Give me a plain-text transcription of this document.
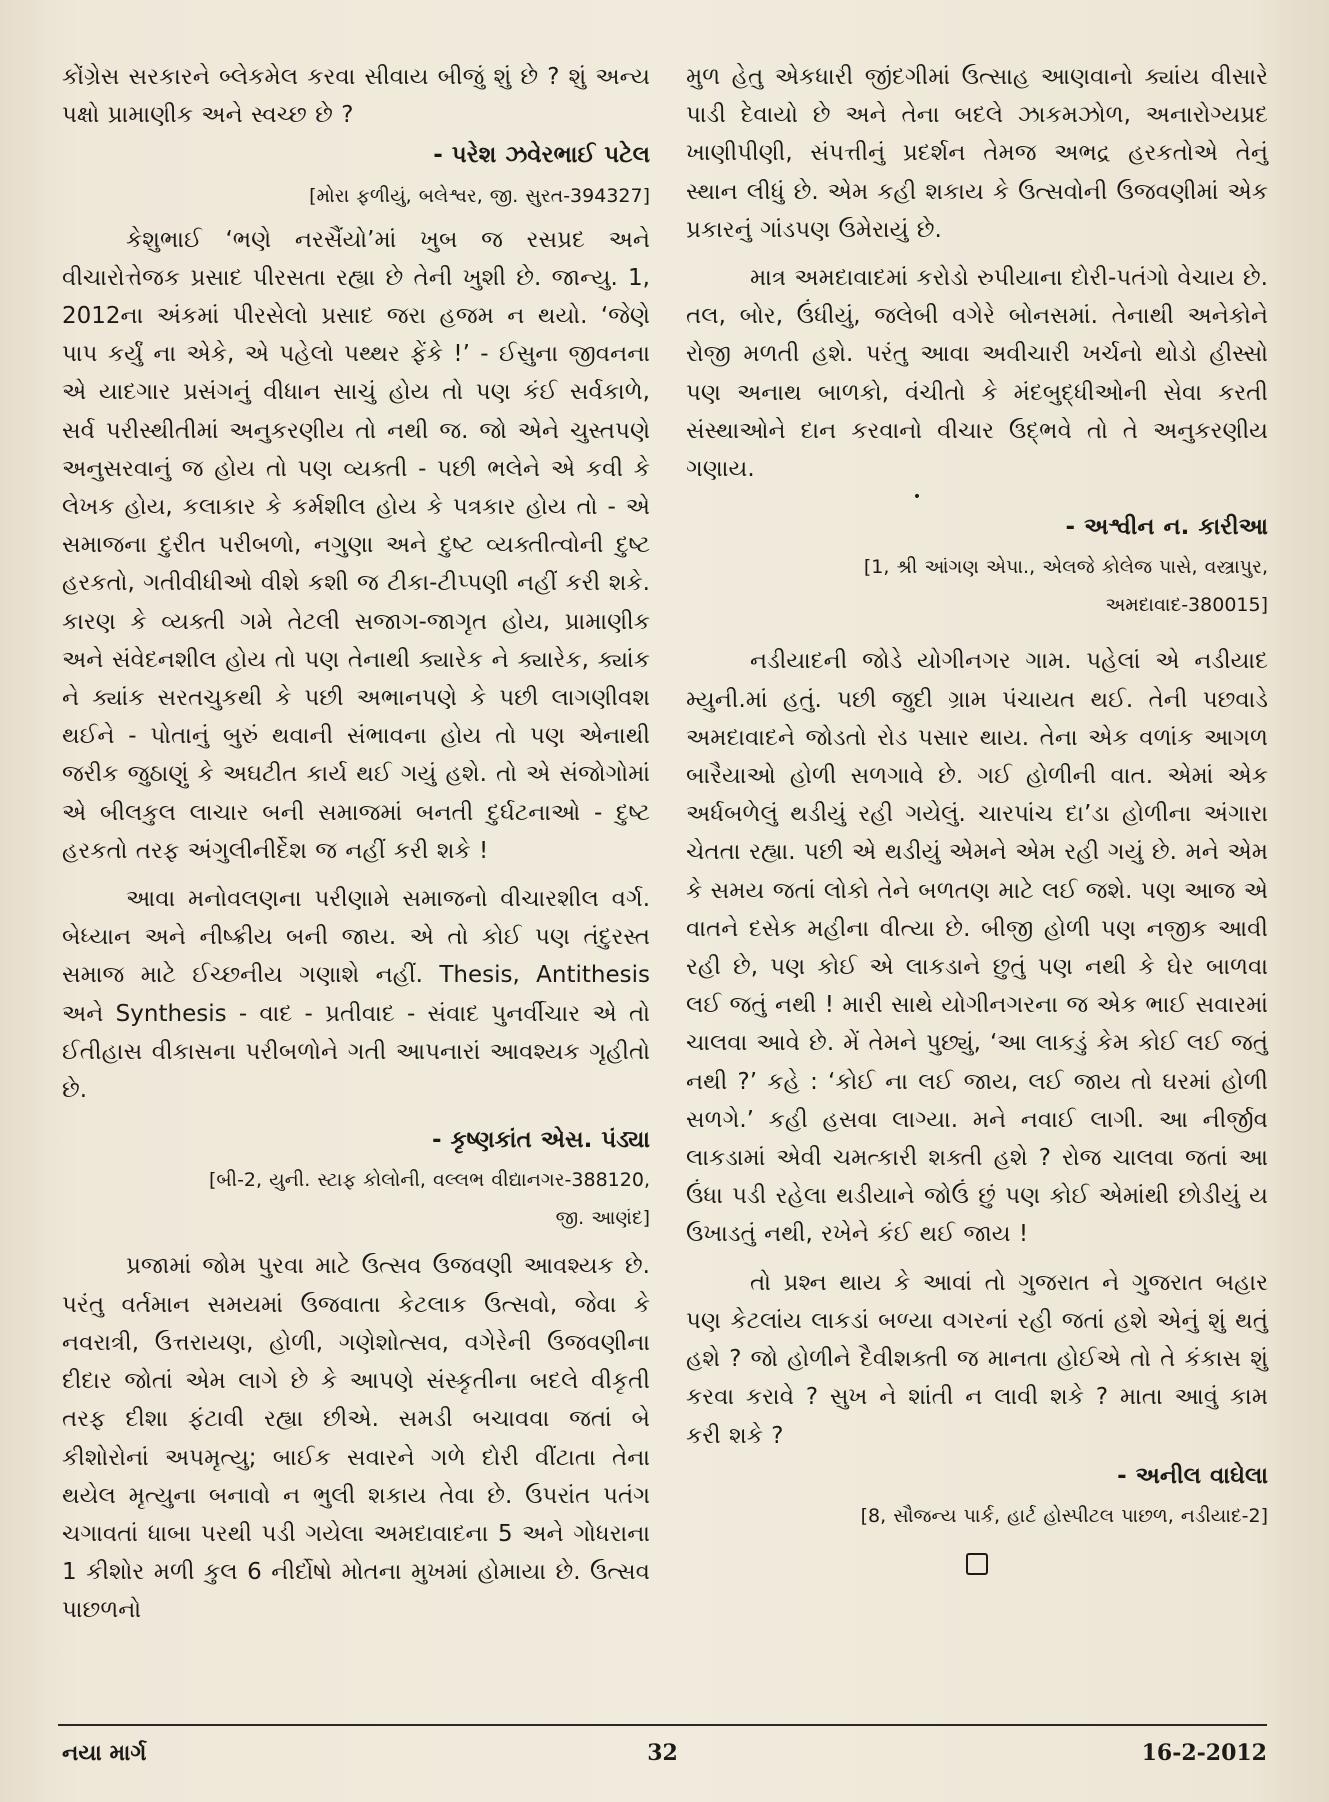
કોંગ્રેસ સરકારને બ્લેકમેલ કરવા સીવાય બીજું શું છે ? શું અન્ય પક્ષો પ્રામાણીક અને સ્વચ્છ છે ?

- પરેશ ઝવેરભાઈ પટેલ
[મોરા ફળીયું, બલેશ્વર, જી. સુરત-394327]

કેશુભાઈ ‘ભણે નરસૈંયો’માં ખુબ જ રસપ્રદ અને વીચારોત્તેજક પ્રસાદ પીરસતા રહ્યા છે તેની ખુશી છે. જાન્યુ. 1, 2012ના અંકમાં પીરસેલો પ્રસાદ જરા હજમ ન થયો. ‘જેણે પાપ કર્યું ના એકે, એ પહેલો પથ્થર ફેંકે !’ - ઈસુના જીવનના એ યાદગાર પ્રસંગનું વીધાન સાચું હોય તો પણ કંઈ સર્વકાળે, સર્વ પરીસ્થીતીમાં અનુકરણીય તો નથી જ. જો એને ચુસ્તપણે અનુસરવાનું જ હોય તો પણ વ્યક્તી - પછી ભલેને એ કવી કે લેખક હોય, કલાકાર કે કર્મશીલ હોય કે પત્રકાર હોય તો - એ સમાજના દુરીત પરીબળો, નગુણા અને દુષ્ટ વ્યક્તીત્વોની દુષ્ટ હરકતો, ગતીવીધીઓ વીશે કશી જ ટીકા-ટીપ્પણી નહીં કરી શકે. કારણ કે વ્યક્તી ગમે તેટલી સજાગ-જાગૃત હોય, પ્રામાણીક અને સંવેદનશીલ હોય તો પણ તેનાથી ક્યારેક ને ક્યારેક, ક્યાંક ને ક્યાંક સરતચુકથી કે પછી અભાનપણે કે પછી લાગણીવશ થઈને - પોતાનું બુરું થવાની સંભાવના હોય તો પણ એનાથી જરીક જુઠાણું કે અઘટીત કાર્ય થઈ ગયું હશે. તો એ સંજોગોમાં એ બીલકુલ લાચાર બની સમાજમાં બનતી દુર્ઘટનાઓ - દુષ્ટ હરકતો તરફ અંગુલીનીર્દેશ જ નહીં કરી શકે !

આવા મનોવલણના પરીણામે સમાજનો વીચારશીલ વર્ગ. બેધ્યાન અને નીષ્ક્રીય બની જાય. એ તો કોઈ પણ તંદુરસ્ત સમાજ માટે ઈચ્છનીય ગણાશે નહીં. Thesis, Antithesis અને Synthesis - વાદ - પ્રતીવાદ - સંવાદ પુનર્વીચાર એ તો ઈતીહાસ વીકાસના પરીબળોને ગતી આપનારાં આવશ્યક ગૃહીતો છે.

- કૃષ્ણકાંત એસ. પંડ્યા
[બી-2, યુની. સ્ટાફ કોલોની, વલ્લભ વીદ્યાનગર-388120,
જી. આણંદ]

પ્રજામાં જોમ પુરવા માટે ઉત્સવ ઉજવણી આવશ્યક છે. પરંતુ વર્તમાન સમયમાં ઉજવાતા કેટલાક ઉત્સવો, જેવા કે નવરાત્રી, ઉત્તરાયણ, હોળી, ગણેશોત્સવ, વગેરેની ઉજવણીના દીદાર જોતાં એમ લાગે છે કે આપણે સંસ્કૃતીના બદલે વીકૃતી તરફ દીશા ફંટાવી રહ્યા છીએ. સમડી બચાવવા જતાં બે કીશોરોનાં અપમૃત્યુ; બાઈક સવારને ગળે દોરી વીંટાતા તેના થયેલ મૃત્યુના બનાવો ન ભુલી શકાય તેવા છે. ઉપરાંત પતંગ ચગાવતાં ધાબા પરથી પડી ગયેલા અમદાવાદના 5 અને ગોધરાના 1 કીશોર મળી કુલ 6 નીર્દોષો મોતના મુખમાં હોમાયા છે. ઉત્સવ પાછળનો

મુળ હેતુ એકધારી જીંદગીમાં ઉત્સાહ આણવાનો ક્યાંય વીસારે પાડી દેવાયો છે અને તેના બદલે ઝાકમઝોળ, અનારોગ્યપ્રદ ખાણીપીણી, સંપત્તીનું પ્રદર્શન તેમજ અભદ્ર હરકતોએ તેનું સ્થાન લીધું છે. એમ કહી શકાય કે ઉત્સવોની ઉજવણીમાં એક પ્રકારનું ગાંડપણ ઉમેરાયું છે.

માત્ર અમદાવાદમાં કરોડો રુપીયાના દોરી-પતંગો વેચાય છે. તલ, બોર, ઉંધીયું, જલેબી વગેરે બોનસમાં. તેનાથી અનેકોને રોજી મળતી હશે. પરંતુ આવા અવીચારી ખર્ચનો થોડો હીસ્સો પણ અનાથ બાળકો, વંચીતો કે મંદબુદ્ધીઓની સેવા કરતી સંસ્થાઓને દાન કરવાનો વીચાર ઉદ્ભવે તો તે અનુકરણીય ગણાય.

•
- અશ્વીન ન. કારીઆ
[1, શ્રી આંગણ એપા., એલજે કોલેજ પાસે, વસ્ત્રાપુર,
અમદાવાદ-380015]

નડીયાદની જોડે યોગીનગર ગામ. પહેલાં એ નડીયાદ મ્યુની.માં હતું. પછી જુદી ગ્રામ પંચાયત થઈ. તેની પછવાડે અમદાવાદને જોડતો રોડ પસાર થાય. તેના એક વળાંક આગળ બારૈયાઓ હોળી સળગાવે છે. ગઈ હોળીની વાત. એમાં એક અર્ધબળેલું થડીયું રહી ગયેલું. ચારપાંચ દા’ડા હોળીના અંગારા ચેતતા રહ્યા. પછી એ થડીયું એમને એમ રહી ગયું છે. મને એમ કે સમય જતાં લોકો તેને બળતણ માટે લઈ જશે. પણ આજ એ વાતને દસેક મહીના વીત્યા છે. બીજી હોળી પણ નજીક આવી રહી છે, પણ કોઈ એ લાકડાને છુતું પણ નથી કે ઘેર બાળવા લઈ જતું નથી ! મારી સાથે યોગીનગરના જ એક ભાઈ સવારમાં ચાલવા આવે છે. મેં તેમને પુછ્યું, ‘આ લાકડું કેમ કોઈ લઈ જતું નથી ?’ કહે : ‘કોઈ ના લઈ જાય, લઈ જાય તો ઘરમાં હોળી સળગે.’ કહી હસવા લાગ્યા. મને નવાઈ લાગી. આ નીર્જીવ લાકડામાં એવી ચમત્કારી શક્તી હશે ? રોજ ચાલવા જતાં આ ઉંધા પડી રહેલા થડીયાને જોઉં છું પણ કોઈ એમાંથી છોડીયું ય ઉખાડતું નથી, રખેને કંઈ થઈ જાય !

તો પ્રશ્ન થાય કે આવાં તો ગુજરાત ને ગુજરાત બહાર પણ કેટલાંય લાકડાં બળ્યા વગરનાં રહી જતાં હશે એનું શું થતું હશે ? જો હોળીને દૈવીશક્તી જ માનતા હોઈએ તો તે કંકાસ શું કરવા કરાવે ? સુખ ને શાંતી ન લાવી શકે ? માતા આવું કામ કરી શકે ?

- અનીલ વાઘેલા
[8, સૌજન્ય પાર્ક, હાર્ટ હોસ્પીટલ પાછળ, નડીયાદ-2]
નયા માર્ગ	32	16-2-2012
